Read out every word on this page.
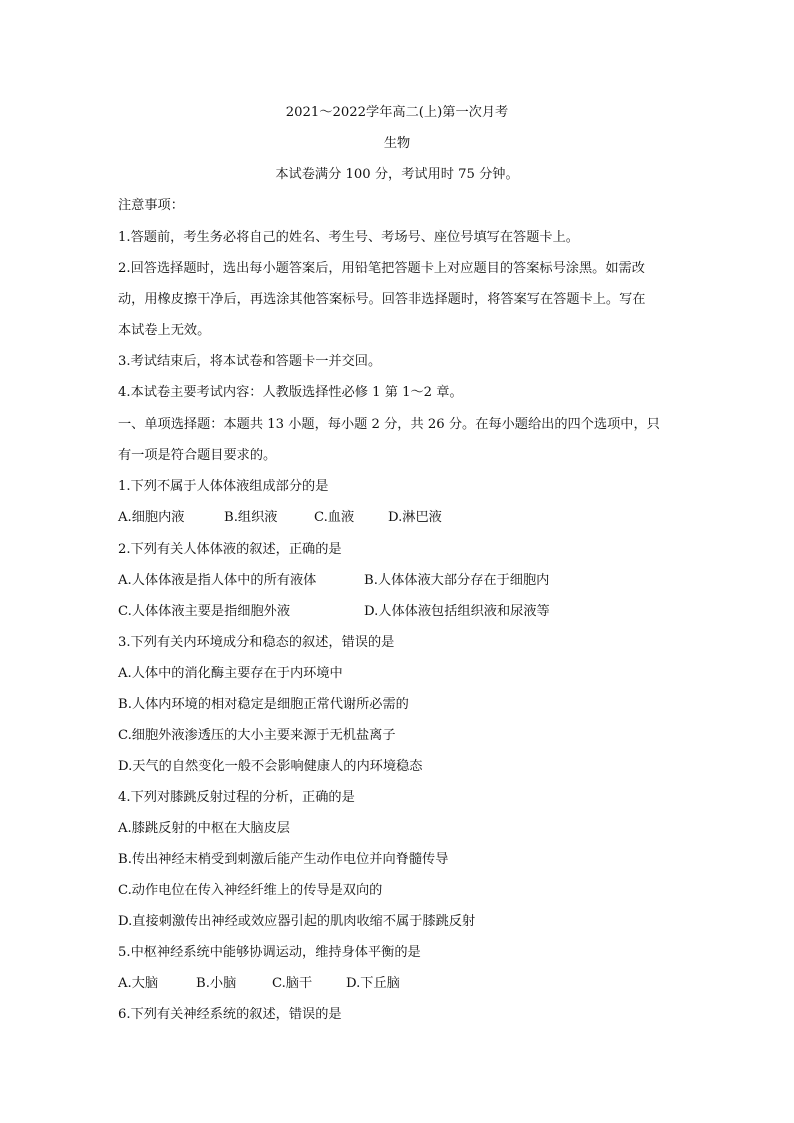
2021～2022学年高二(上)第一次月考
生物
本试卷满分 100 分，考试用时 75 分钟。
注意事项：
1.答题前，考生务必将自己的姓名、考生号、考场号、座位号填写在答题卡上。
2.回答选择题时，选出每小题答案后，用铅笔把答题卡上对应题目的答案标号涂黑。如需改
动，用橡皮擦干净后，再选涂其他答案标号。回答非选择题时，将答案写在答题卡上。写在
本试卷上无效。
3.考试结束后，将本试卷和答题卡一并交回。
4.本试卷主要考试内容：人教版选择性必修 1 第 1～2 章。
一、单项选择题：本题共 13 小题，每小题 2 分，共 26 分。在每小题给出的四个选项中，只
有一项是符合题目要求的。
1.下列不属于人体体液组成部分的是
A.细胞内液	B.组织液	C.血液	D.淋巴液
2.下列有关人体体液的叙述，正确的是
A.人体体液是指人体中的所有液体	B.人体体液大部分存在于细胞内
C.人体体液主要是指细胞外液	D.人体体液包括组织液和尿液等
3.下列有关内环境成分和稳态的叙述，错误的是
A.人体中的消化酶主要存在于内环境中
B.人体内环境的相对稳定是细胞正常代谢所必需的
C.细胞外液渗透压的大小主要来源于无机盐离子
D.天气的自然变化一般不会影响健康人的内环境稳态
4.下列对膝跳反射过程的分析，正确的是
A.膝跳反射的中枢在大脑皮层
B.传出神经末梢受到刺激后能产生动作电位并向脊髓传导
C.动作电位在传入神经纤维上的传导是双向的
D.直接刺激传出神经或效应器引起的肌肉收缩不属于膝跳反射
5.中枢神经系统中能够协调运动，维持身体平衡的是
A.大脑	B.小脑	C.脑干	D.下丘脑
6.下列有关神经系统的叙述，错误的是
